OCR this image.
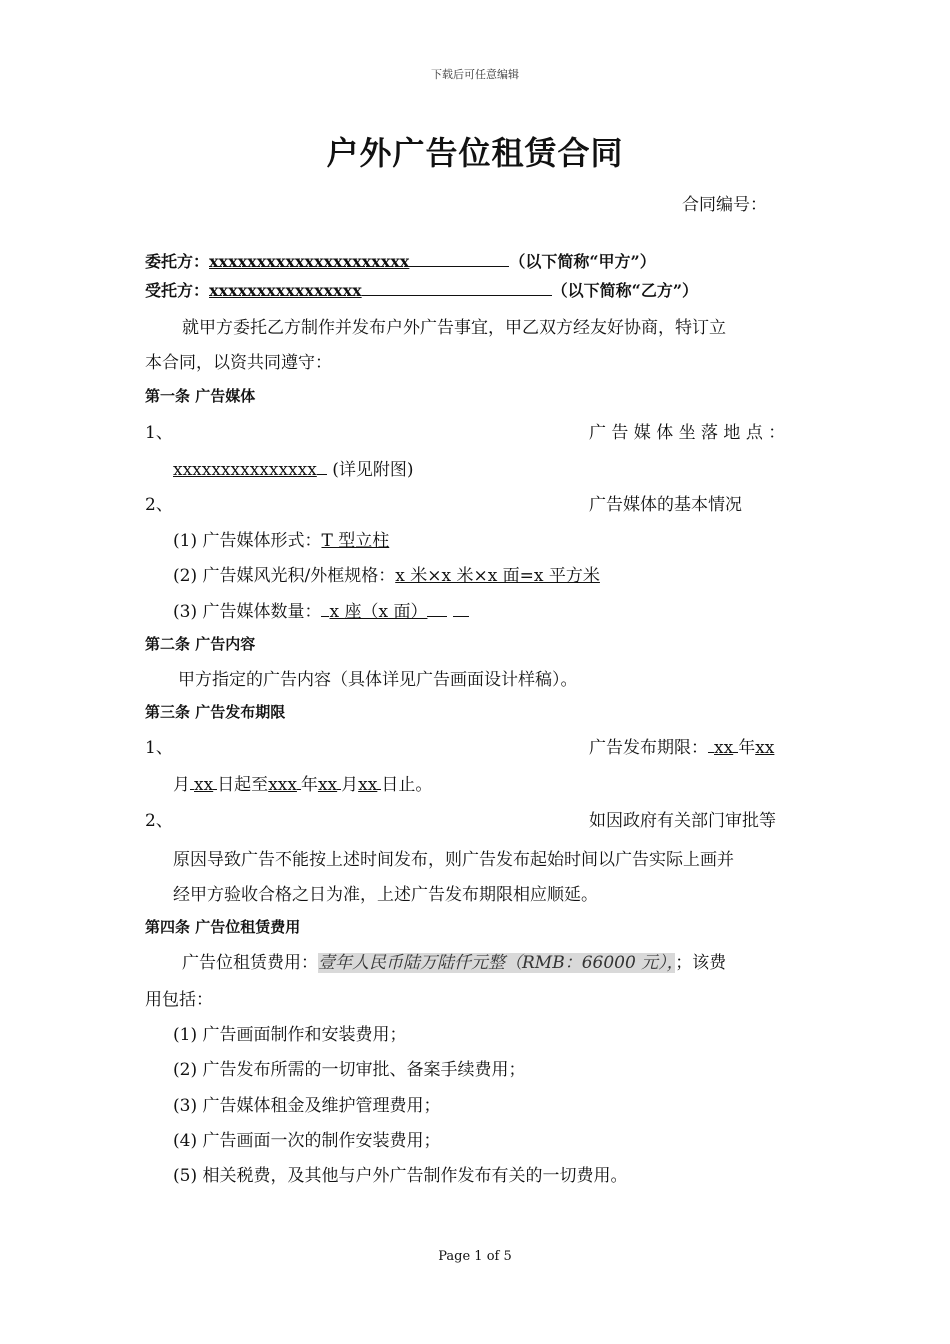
下载后可任意编辑
户外广告位租赁合同
合同编号：
委托方：xxxxxxxxxxxxxxxxxxxxx	（以下简称“甲方”）
受托方：xxxxxxxxxxxxxxxx	（以下简称“乙方”）
就甲方委托乙方制作并发布户外广告事宜，甲乙双方经友好协商，特订立
本合同，以资共同遵守：
第一条 广告媒体
1、	广 告 媒 体 坐 落 地 点 ：
xxxxxxxxxxxxxxx (详见附图)
2、	广告媒体的基本情况
(1) 广告媒体形式：T 型立柱
(2) 广告媒风光积/外框规格：x 米×x 米×x 面=x 平方米
(3) 广告媒体数量： x 座（x 面）
第二条 广告内容
甲方指定的广告内容（具体详见广告画面设计样稿）。
第三条 广告发布期限
1、	广告发布期限： xx 年xx
月 xx 日起至xxx 年xx 月xx 日止。
2、	如因政府有关部门审批等
原因导致广告不能按上述时间发布，则广告发布起始时间以广告实际上画并
经甲方验收合格之日为准，上述广告发布期限相应顺延。
第四条 广告位租赁费用
广告位租赁费用：壹年人民币陆万陆仟元整（RMB：66000 元），；该费
用包括：
(1) 广告画面制作和安装费用；
(2) 广告发布所需的一切审批、备案手续费用；
(3) 广告媒体租金及维护管理费用；
(4) 广告画面一次的制作安装费用；
(5) 相关税费，及其他与户外广告制作发布有关的一切费用。
Page 1 of 5
